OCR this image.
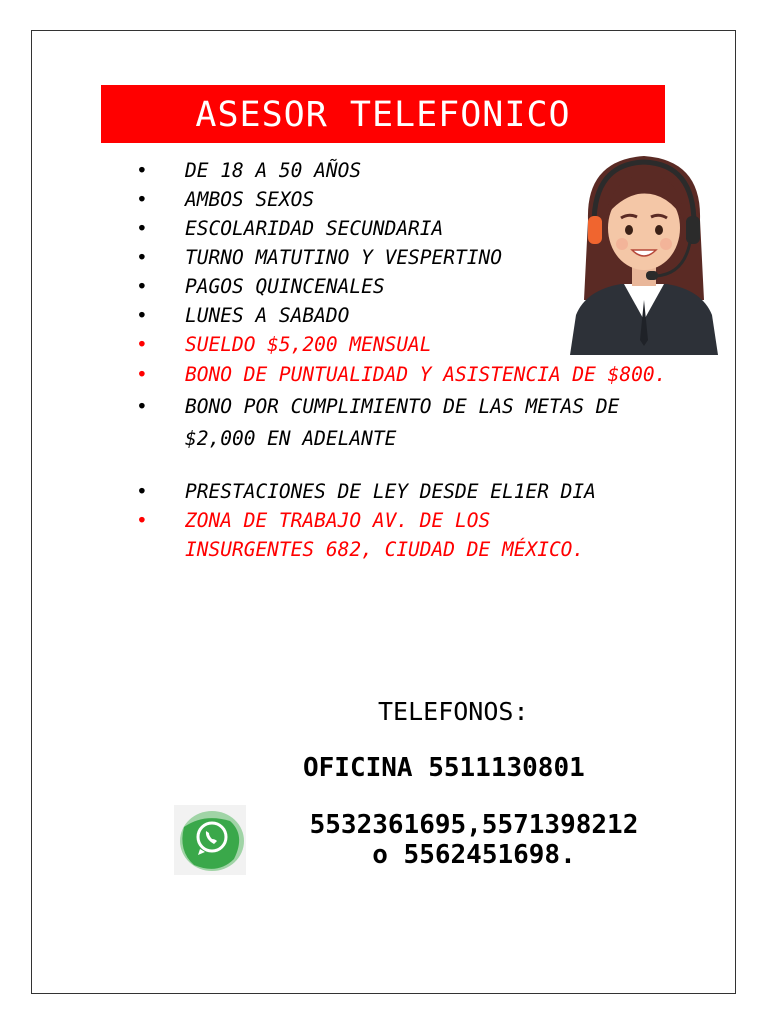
ASESOR TELEFONICO
• DE 18 A 50 AÑOS
• AMBOS SEXOS
• ESCOLARIDAD SECUNDARIA
• TURNO MATUTINO Y VESPERTINO
• PAGOS QUINCENALES
• LUNES A SABADO
• SUELDO $5,200 MENSUAL
• BONO DE PUNTUALIDAD Y ASISTENCIA DE $800.
• BONO POR CUMPLIMIENTO DE LAS METAS DE $2,000 EN ADELANTE
• PRESTACIONES DE LEY DESDE EL1ER DIA
• ZONA DE TRABAJO AV. DE LOS INSURGENTES 682, CIUDAD DE MÉXICO.
TELEFONOS:
OFICINA 5511130801
5532361695,5571398212
o 5562451698.
